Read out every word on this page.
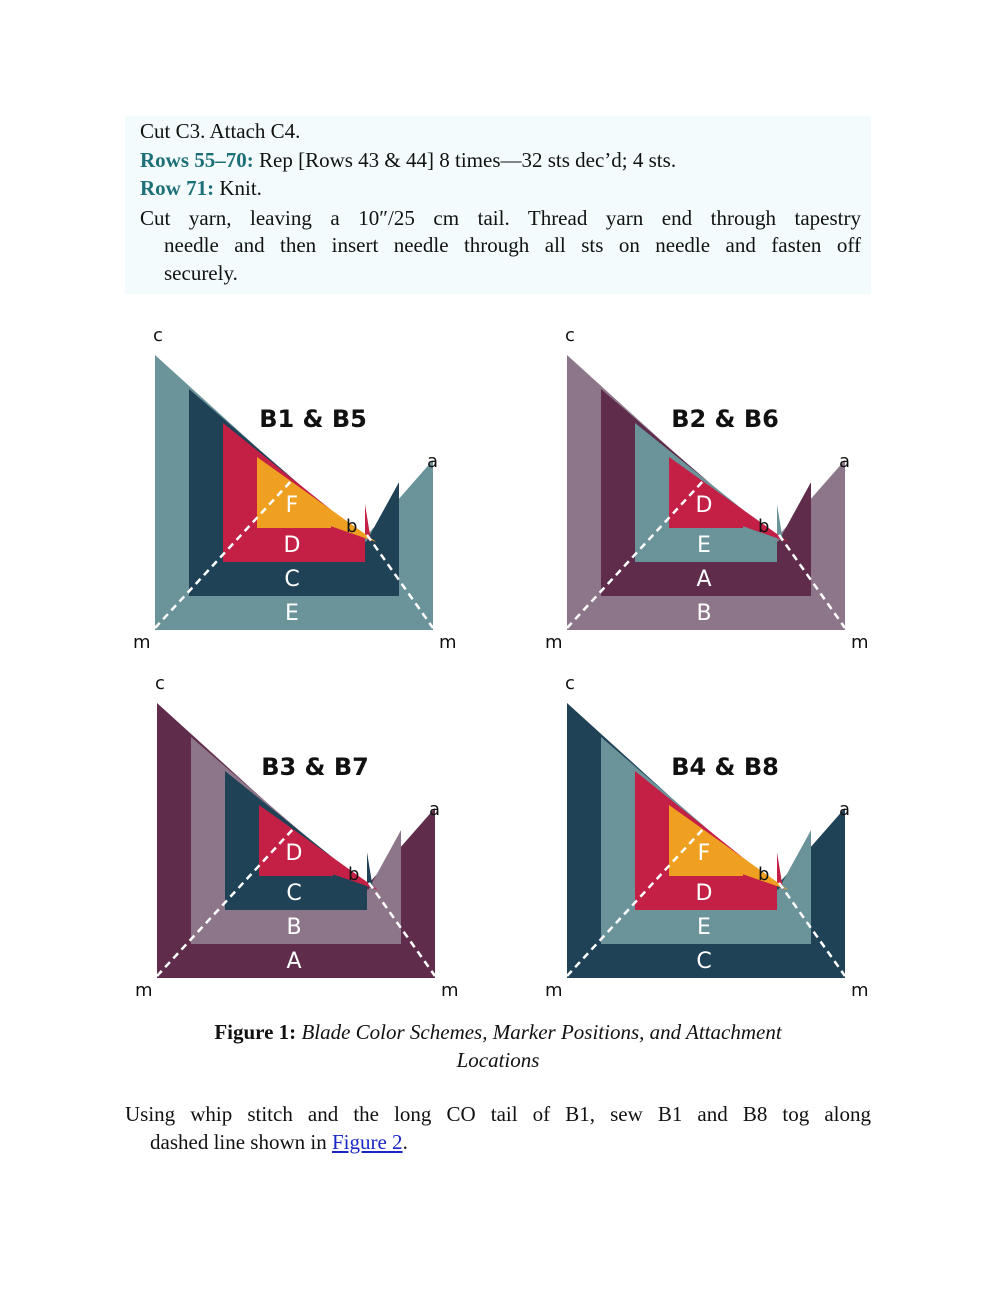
Cut C3. Attach C4.
Rows 55–70: Rep [Rows 43 & 44] 8 times—32 sts dec’d; 4 sts.
Row 71: Knit.
Cut yarn, leaving a 10″/25 cm tail. Thread yarn end through tapestry
needle and then insert needle through all sts on needle and fasten off
securely.
E
C
D
F
B1 & B5
c
a
b
m	m
B
A
E
D
B2 & B6
c
a
b
m	m
A
B
C
D
B3 & B7
c
a
b
m	m
C
E
D
F
B4 & B8
c
a
b
m	m
Figure 1: Blade Color Schemes, Marker Positions, and Attachment
Locations
Using whip stitch and the long CO tail of B1, sew B1 and B8 tog along
dashed line shown in Figure 2.
